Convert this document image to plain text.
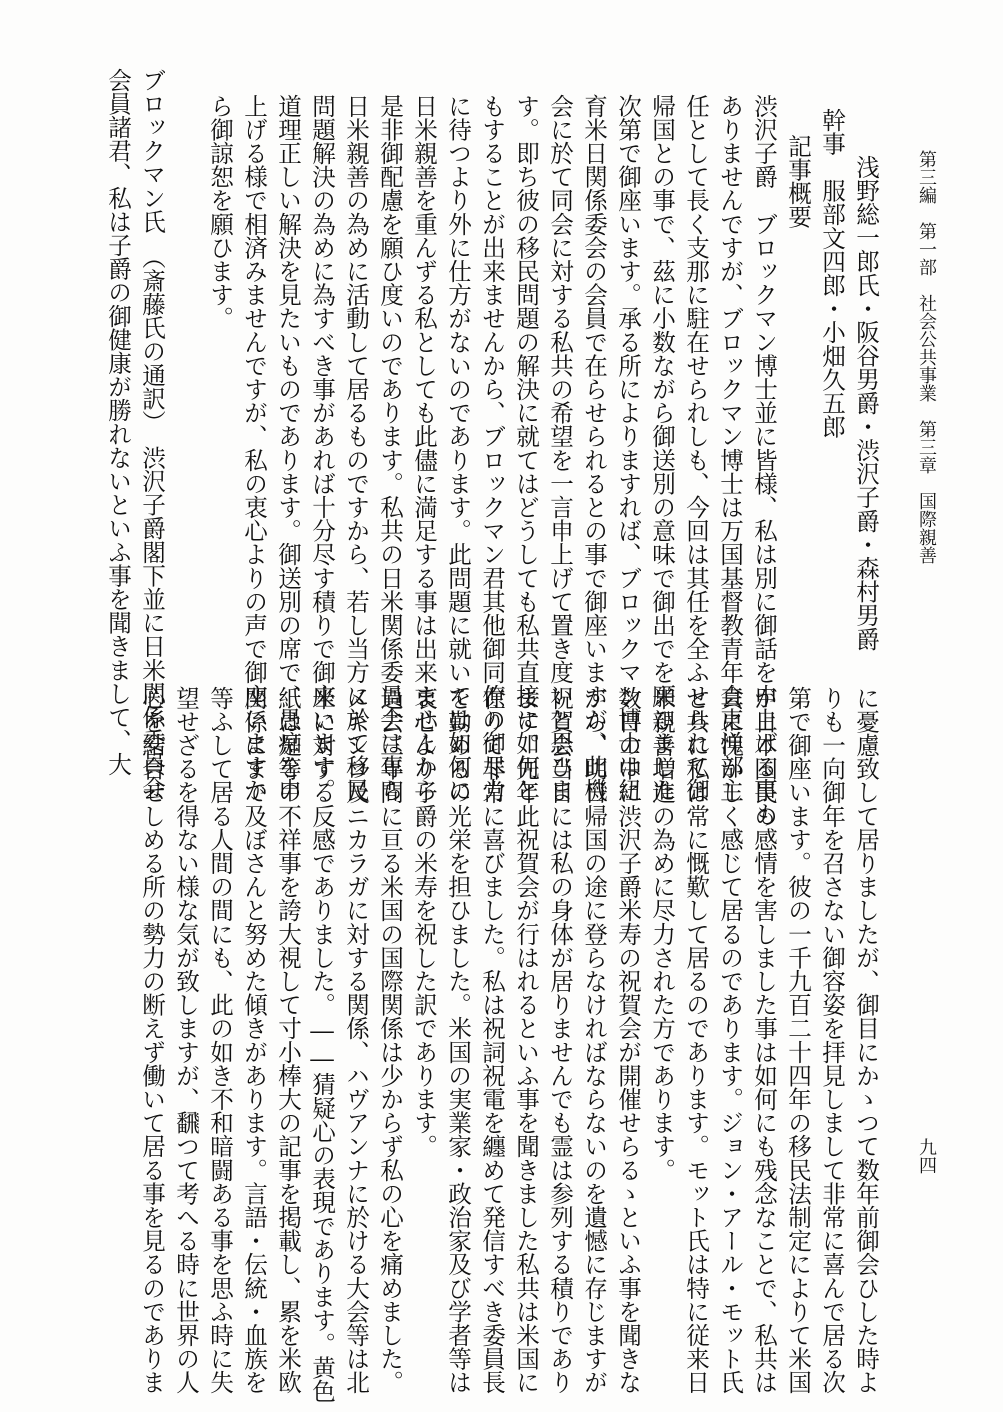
第三編　第一部　社会公共事業　第三章　国際親善
九四
浅野総一郎氏・阪谷男爵・渋沢子爵・森村男爵
幹事　服部文四郎・小畑久五郎
記事概要
渋沢子爵　ブロックマン博士並に皆様、私は別に御話を申上げる事も
ありませんですが、ブロックマン博士は万国基督教青年会東洋部主
任として長く支那に駐在せられしも、今回は其任を全ふせられて御
帰国との事で、茲に小数ながら御送別の意味で御出でを願ひました
次第で御座います。承る所によりますれば、ブロックマン博士は紐
育米日関係委会の会員で在らせられるとの事で御座いますが、此機
会に於て同会に対する私共の希望を一言申上げて置き度いと思ひま
す。即ち彼の移民問題の解決に就てはどうしても私共直接に如何と
もすることが出来ませんから、ブロックマン君其他御同僚の御尽力
に待つより外に仕方がないのであります。此問題に就いては如何に
日米親善を重んずる私としても此儘に満足する事は出来ませんから
是非御配慮を願ひ度いのであります。私共の日米関係委員会は専ら
日米親善の為めに活動して居るものですから、若し当方に於て移民
問題解決の為めに為すべき事があれば十分尽す積りで御座います。
道理正しい解決を見たいものであります。御送別の席で、愚痴を申
上げる様で相済みませんですが、私の衷心よりの声で御座いますか
ら御諒恕を願ひます。
ブロックマン氏　（斎藤氏の通訳）　渋沢子爵閣下並に日米関係委員会
会員諸君、私は子爵の御健康が勝れないといふ事を聞きまして、大
に憂慮致して居りましたが、御目にかゝつて数年前御会ひした時よ
りも一向御年を召さない御容姿を拝見しまして非常に喜んで居る次
第で御座います。彼の一千九百二十四年の移民法制定によりて米国
が日本国民の感情を害しました事は如何にも残念なことで、私共は
真に愧かしく感じて居るのであります。ジョン・アール・モット氏
と共に私は常に慨歎して居るのであります。モット氏は特に従来日
米親善増進の為めに尽力された方であります。
数日の中に渋沢子爵米寿の祝賀会が開催せらるゝといふ事を聞きな
がら、明日帰国の途に登らなければならないのを遺憾に存じますが
祝賀会当日には私の身体が居りませんでも霊は参列する積りであり
ます。先年此祝賀会が行はれるといふ事を聞きました私共は米国に
在りて非常に喜びました。私は祝詞祝電を纏めて発信すべき委員長
を勤めるの光栄を担ひました。米国の実業家・政治家及び学者等は
衷心より子爵の米寿を祝した訳であります。
過去三年間に亘る米国の国際関係は少からず私の心を痛めました。
メキシコ及ニカラガに対する関係、ハヴアンナに於ける大会等は北
米に対する反感でありました。――猜疑心の表現であります。黄色
紙は是等の不祥事を誇大視して寸小棒大の記事を掲載し、累を米欧
関係にまで及ぼさんと努めた傾きがあります。言語・伝統・血族を
等ふして居る人間の間にも、此の如き不和暗闘ある事を思ふ時に失
望せざるを得ない様な気が致しますが、飜つて考へる時に世界の人
心を結合せしめる所の勢力の断えず働いて居る事を見るのでありま
